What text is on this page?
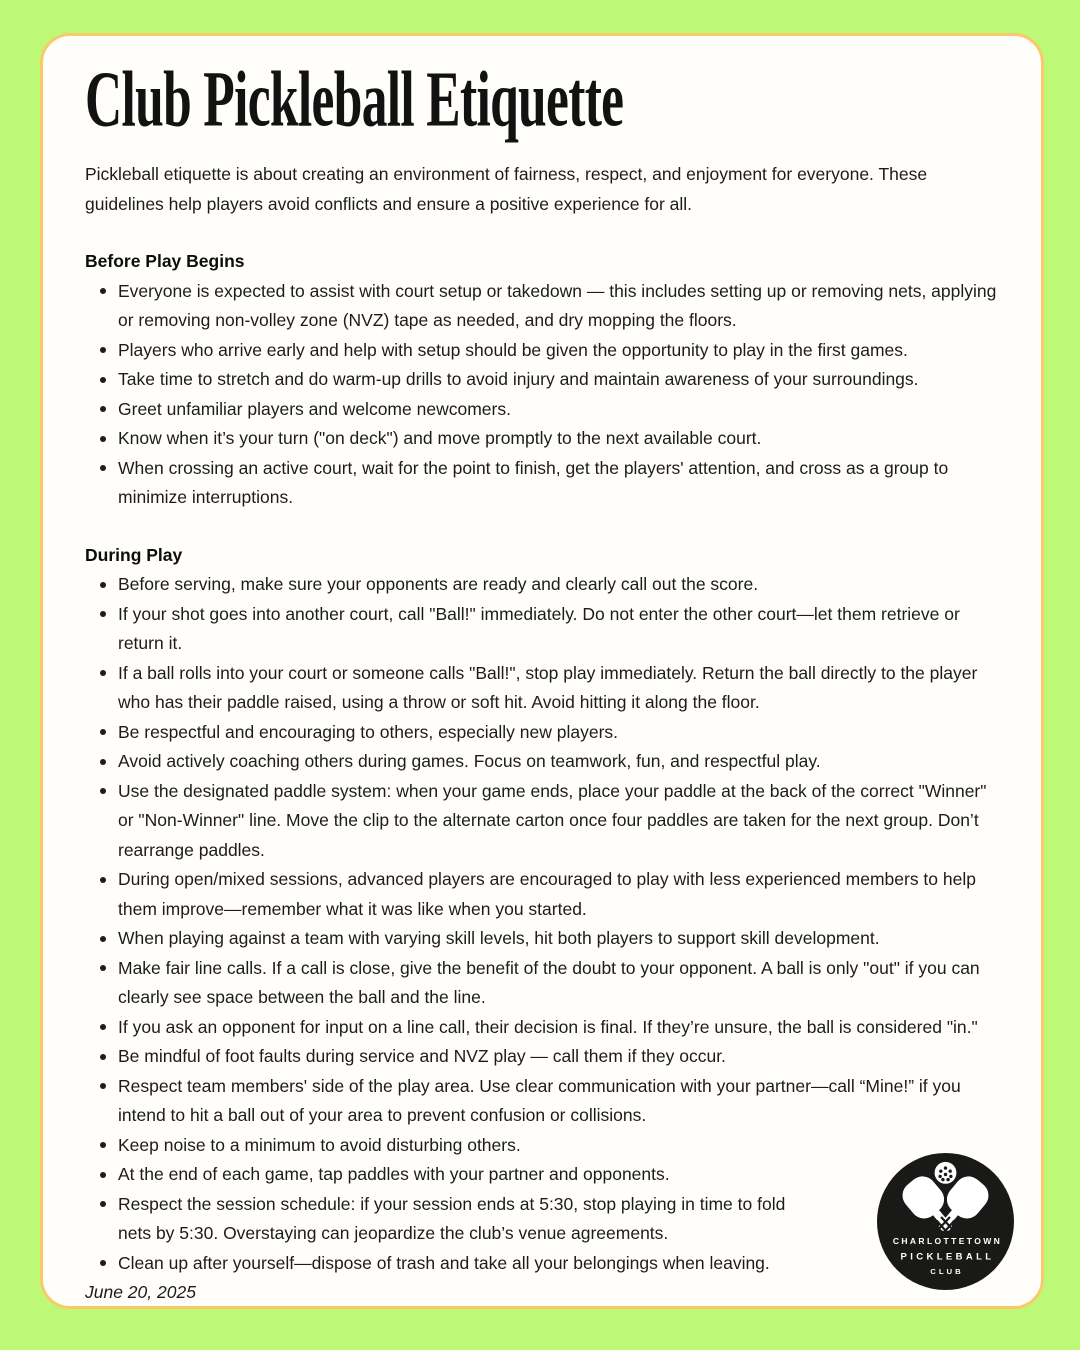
Club Pickleball Etiquette

Pickleball etiquette is about creating an environment of fairness, respect, and enjoyment for everyone. These guidelines help players avoid conflicts and ensure a positive experience for all.

Before Play Begins
Everyone is expected to assist with court setup or takedown — this includes setting up or removing nets, applying or removing non-volley zone (NVZ) tape as needed, and dry mopping the floors.
Players who arrive early and help with setup should be given the opportunity to play in the first games.
Take time to stretch and do warm-up drills to avoid injury and maintain awareness of your surroundings.
Greet unfamiliar players and welcome newcomers.
Know when it’s your turn ("on deck") and move promptly to the next available court.
When crossing an active court, wait for the point to finish, get the players' attention, and cross as a group to minimize interruptions.
During Play
Before serving, make sure your opponents are ready and clearly call out the score.
If your shot goes into another court, call "Ball!" immediately. Do not enter the other court—let them retrieve or return it.
If a ball rolls into your court or someone calls "Ball!", stop play immediately. Return the ball directly to the player who has their paddle raised, using a throw or soft hit. Avoid hitting it along the floor.
Be respectful and encouraging to others, especially new players.
Avoid actively coaching others during games. Focus on teamwork, fun, and respectful play.
Use the designated paddle system: when your game ends, place your paddle at the back of the correct "Winner" or "Non-Winner" line. Move the clip to the alternate carton once four paddles are taken for the next group. Don’t rearrange paddles.
During open/mixed sessions, advanced players are encouraged to play with less experienced members to help them improve—remember what it was like when you started.
When playing against a team with varying skill levels, hit both players to support skill development.
Make fair line calls. If a call is close, give the benefit of the doubt to your opponent. A ball is only "out" if you can clearly see space between the ball and the line.
If you ask an opponent for input on a line call, their decision is final. If they’re unsure, the ball is considered "in."
Be mindful of foot faults during service and NVZ play — call them if they occur.
Respect team members' side of the play area. Use clear communication with your partner—call “Mine!” if you intend to hit a ball out of your area to prevent confusion or collisions.
Keep noise to a minimum to avoid disturbing others.
At the end of each game, tap paddles with your partner and opponents.
Respect the session schedule: if your session ends at 5:30, stop playing in time to fold nets by 5:30. Overstaying can jeopardize the club’s venue agreements.
Clean up after yourself—dispose of trash and take all your belongings when leaving.

June 20, 2025

CHARLOTTETOWN
PICKLEBALL
CLUB
